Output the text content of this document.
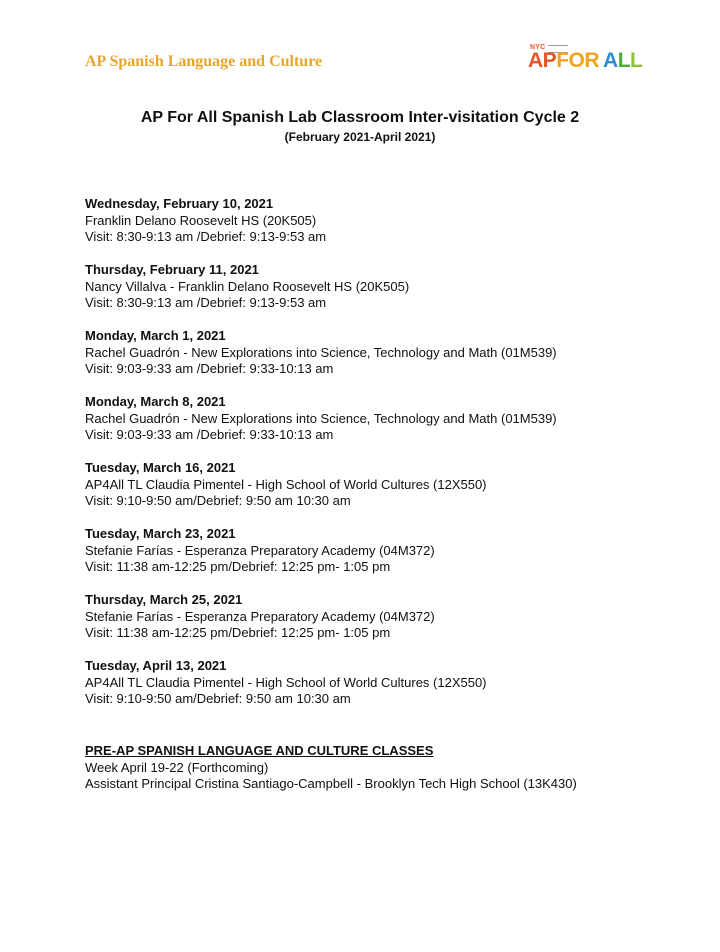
AP Spanish Language and Culture
NYC
APFOR ALL
AP For All Spanish Lab Classroom Inter-visitation Cycle 2
(February 2021-April 2021)
Wednesday, February 10, 2021
Franklin Delano Roosevelt HS (20K505)
Visit: 8:30-9:13 am /Debrief: 9:13-9:53 am
Thursday, February 11, 2021
Nancy Villalva - Franklin Delano Roosevelt HS (20K505)
Visit: 8:30-9:13 am /Debrief: 9:13-9:53 am
Monday, March 1, 2021
Rachel Guadrón - New Explorations into Science, Technology and Math (01M539)
Visit: 9:03-9:33 am /Debrief: 9:33-10:13 am
Monday, March 8, 2021
Rachel Guadrón - New Explorations into Science, Technology and Math (01M539)
Visit: 9:03-9:33 am /Debrief: 9:33-10:13 am
Tuesday, March 16, 2021
AP4All TL Claudia Pimentel - High School of World Cultures (12X550)
Visit: 9:10-9:50 am/Debrief: 9:50 am 10:30 am
Tuesday, March 23, 2021
Stefanie Farías - Esperanza Preparatory Academy (04M372)
Visit: 11:38 am-12:25 pm/Debrief: 12:25 pm- 1:05 pm
Thursday, March 25, 2021
Stefanie Farías - Esperanza Preparatory Academy (04M372)
Visit: 11:38 am-12:25 pm/Debrief: 12:25 pm- 1:05 pm
Tuesday, April 13, 2021
AP4All TL Claudia Pimentel - High School of World Cultures (12X550)
Visit: 9:10-9:50 am/Debrief: 9:50 am 10:30 am
PRE-AP SPANISH LANGUAGE AND CULTURE CLASSES
Week April 19-22 (Forthcoming)
Assistant Principal Cristina Santiago-Campbell - Brooklyn Tech High School (13K430)
